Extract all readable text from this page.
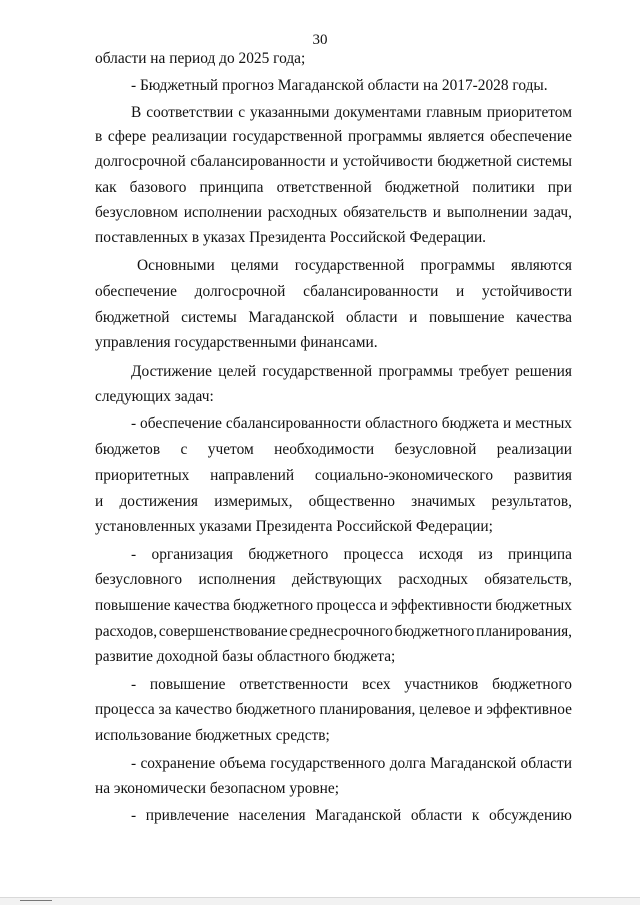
30
области на период до 2025 года;
- Бюджетный прогноз Магаданской области на 2017-2028 годы.
В соответствии с указанными документами главным приоритетом
в сфере реализации государственной программы является обеспечение
долгосрочной сбалансированности и устойчивости бюджетной системы
как базового принципа ответственной бюджетной политики при
безусловном исполнении расходных обязательств и выполнении задач,
поставленных в указах Президента Российской Федерации.
Основными целями государственной программы являются
обеспечение долгосрочной сбалансированности и устойчивости
бюджетной системы Магаданской области и повышение качества
управления государственными финансами.
Достижение целей государственной программы требует решения
следующих задач:
- обеспечение сбалансированности областного бюджета и местных
бюджетов с учетом необходимости безусловной реализации
приоритетных направлений социально-экономического развития
и достижения измеримых, общественно значимых результатов,
установленных указами Президента Российской Федерации;
- организация бюджетного процесса исходя из принципа
безусловного исполнения действующих расходных обязательств,
повышение качества бюджетного процесса и эффективности бюджетных
расходов, совершенствование среднесрочного бюджетного планирования,
развитие доходной базы областного бюджета;
- повышение ответственности всех участников бюджетного
процесса за качество бюджетного планирования, целевое и эффективное
использование бюджетных средств;
- сохранение объема государственного долга Магаданской области
на экономически безопасном уровне;
- привлечение населения Магаданской области к обсуждению
